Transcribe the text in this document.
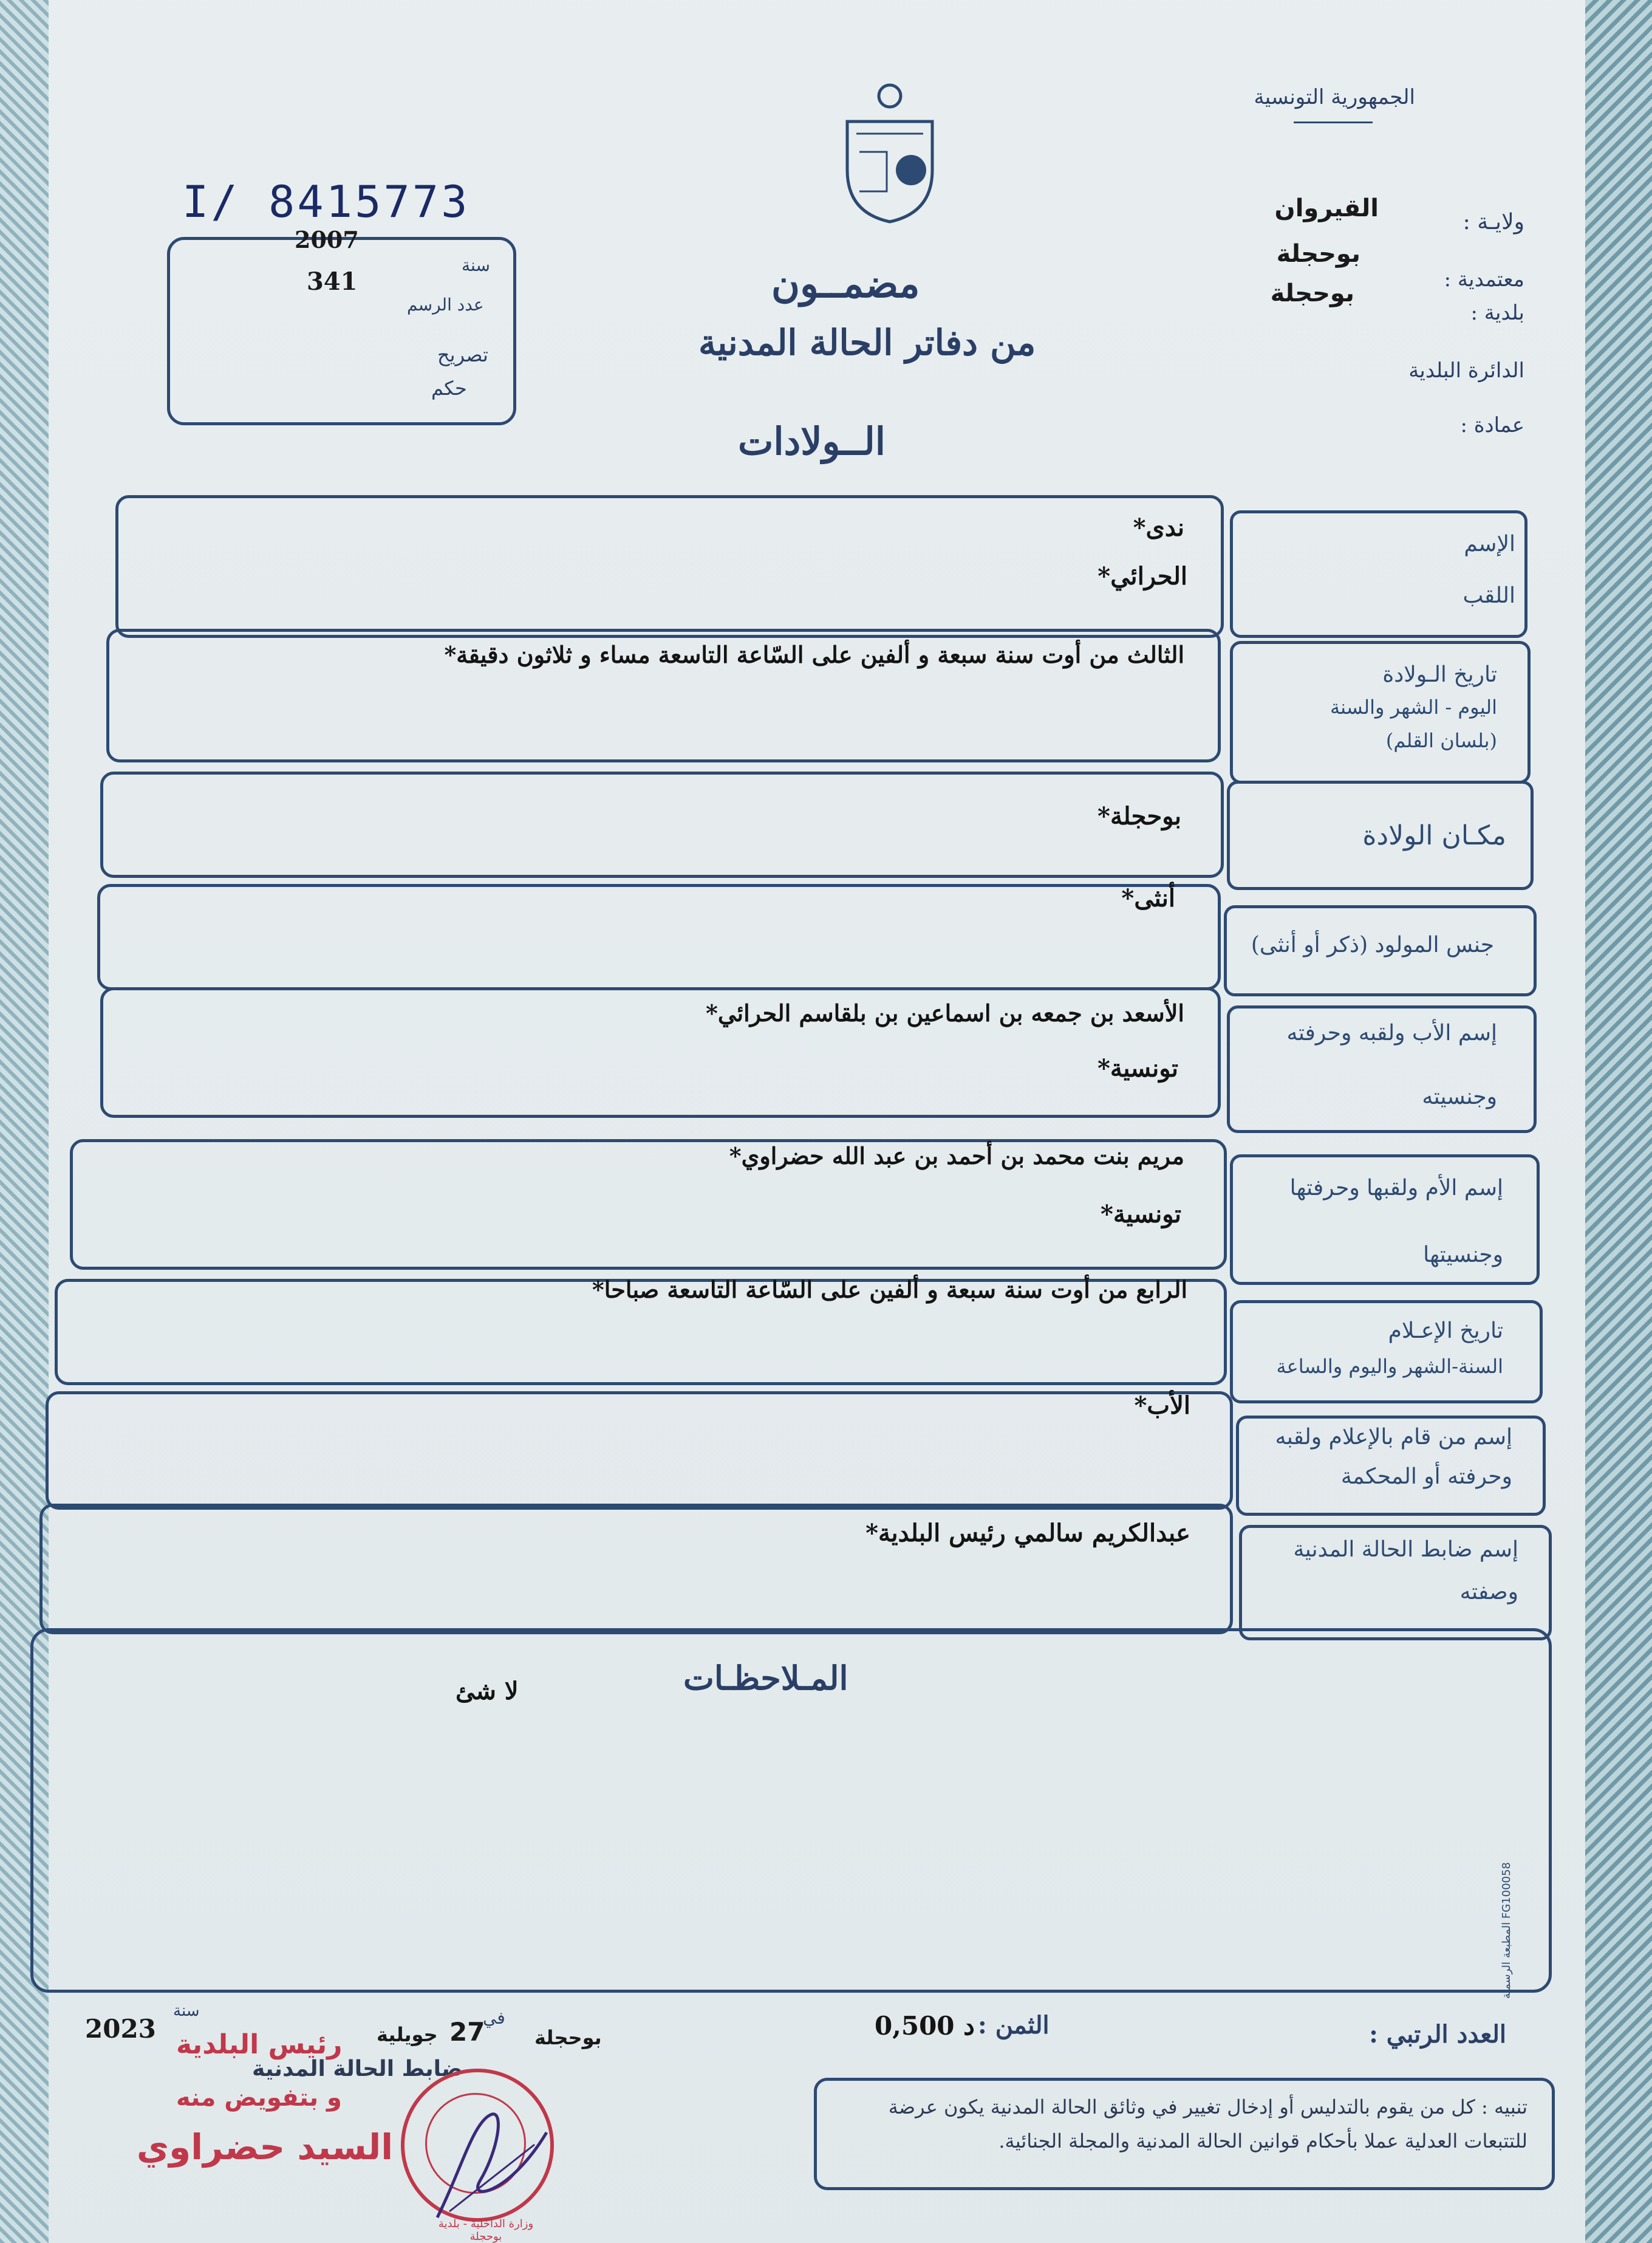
الجمهورية التونسية
ولايـة :
القيروان
معتمدية :
بوحجلة
بلدية :
بوحجلة
الدائرة البلدية
عمادة :
I/ 8415773
2007
سنة
341
عدد الرسم
تصريح
حكم
مضمــون
من دفاتر الحالة المدنية
الــولادات
الإسم
اللقب
ندى*
الحرائي*
تاريخ الـولادة
اليوم - الشهر والسنة
(بلسان القلم)
الثالث من أوت سنة سبعة و ألفين على السّاعة التاسعة مساء و ثلاثون دقيقة*
مكـان الولادة
بوحجلة*
جنس المولود (ذكر أو أنثى)
أنثى*
إسم الأب ولقبه وحرفته
وجنسيته
الأسعد بن جمعه بن اسماعين بن بلقاسم الحرائي*
تونسية*
إسم الأم ولقبها وحرفتها
وجنسيتها
مريم بنت محمد بن أحمد بن عبد الله حضراوي*
تونسية*
تاريخ الإعـلام
السنة-الشهر واليوم والساعة
الرابع من أوت سنة سبعة و ألفين على السّاعة التاسعة صباحا*
إسم من قام بالإعلام ولقبه
وحرفته أو المحكمة
الأب*
إسم ضابط الحالة المدنية
وصفته
عبدالكريم سالمي رئيس البلدية*
المـلاحظـات
لا شئ
العدد الرتبي :
الثمن :
0,500 د
بوحجلة
27
في
جويلية
2023
سنة
رئيس البلدية
ضابط الحالة المدنية
و بتفويض منه
السيد حضراوي
وزارة الداخلية - بلدية بوحجلة
تنبيه : كل من يقوم بالتدليس أو إدخال تغيير في وثائق الحالة المدنية يكون عرضة للتتبعات العدلية عملا بأحكام قوانين الحالة المدنية والمجلة الجنائية.
